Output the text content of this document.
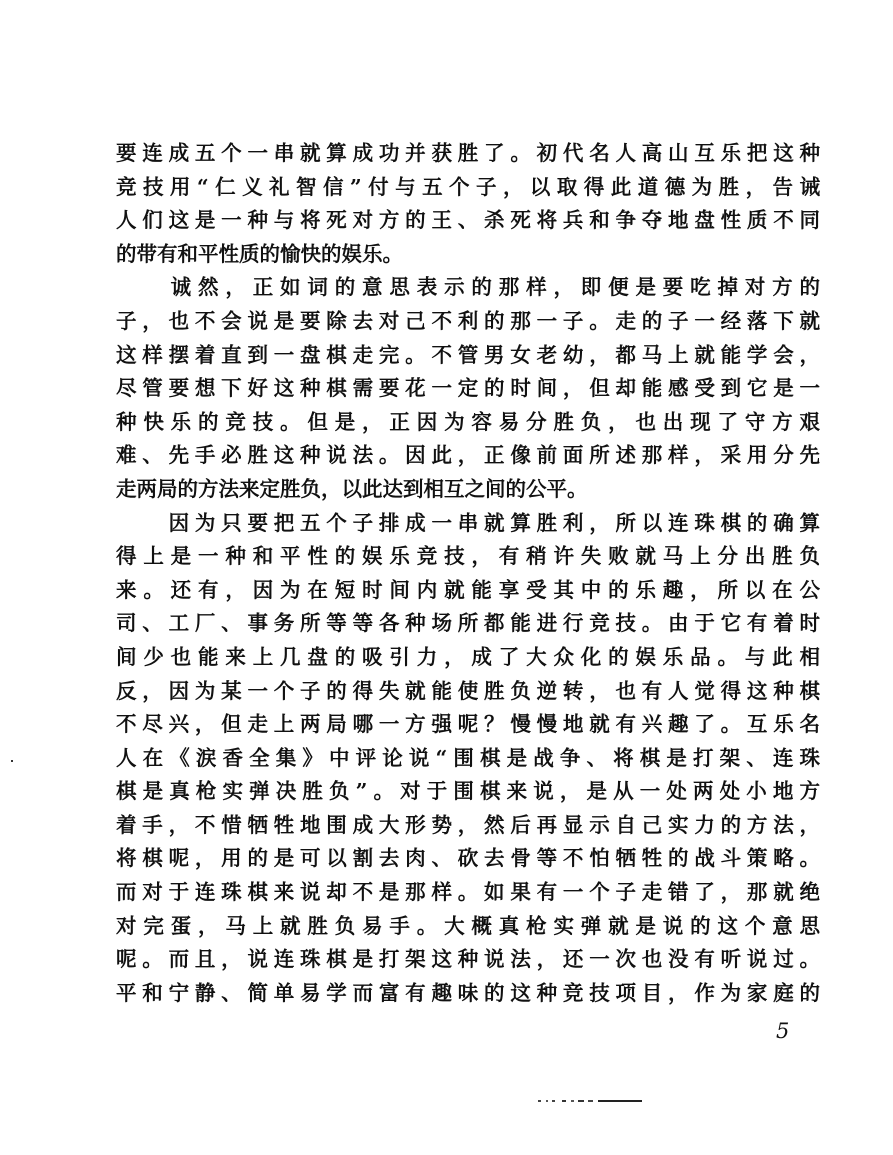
要连成五个一串就算成功并获胜了。初代名人高山互乐把这种
竞技用“仁义礼智信”付与五个子，以取得此道德为胜，告诫
人们这是一种与将死对方的王、杀死将兵和争夺地盘性质不同
的带有和平性质的愉快的娱乐。
　　诚然，正如词的意思表示的那样，即便是要吃掉对方的
子，也不会说是要除去对己不利的那一子。走的子一经落下就
这样摆着直到一盘棋走完。不管男女老幼，都马上就能学会，
尽管要想下好这种棋需要花一定的时间，但却能感受到它是一
种快乐的竞技。但是，正因为容易分胜负，也出现了守方艰
难、先手必胜这种说法。因此，正像前面所述那样，采用分先
走两局的方法来定胜负，以此达到相互之间的公平。
　　因为只要把五个子排成一串就算胜利，所以连珠棋的确算
得上是一种和平性的娱乐竞技，有稍许失败就马上分出胜负
来。还有，因为在短时间内就能享受其中的乐趣，所以在公
司、工厂、事务所等等各种场所都能进行竞技。由于它有着时
间少也能来上几盘的吸引力，成了大众化的娱乐品。与此相
反，因为某一个子的得失就能使胜负逆转，也有人觉得这种棋
不尽兴，但走上两局哪一方强呢？慢慢地就有兴趣了。互乐名
人在《涙香全集》中评论说“围棋是战争、将棋是打架、连珠
棋是真枪实弹决胜负”。对于围棋来说，是从一处两处小地方
着手，不惜牺牲地围成大形势，然后再显示自己实力的方法，
将棋呢，用的是可以割去肉、砍去骨等不怕牺牲的战斗策略。
而对于连珠棋来说却不是那样。如果有一个子走错了，那就绝
对完蛋，马上就胜负易手。大概真枪实弹就是说的这个意思
呢。而且，说连珠棋是打架这种说法，还一次也没有听说过。
平和宁静、简单易学而富有趣味的这种竞技项目，作为家庭的
5
